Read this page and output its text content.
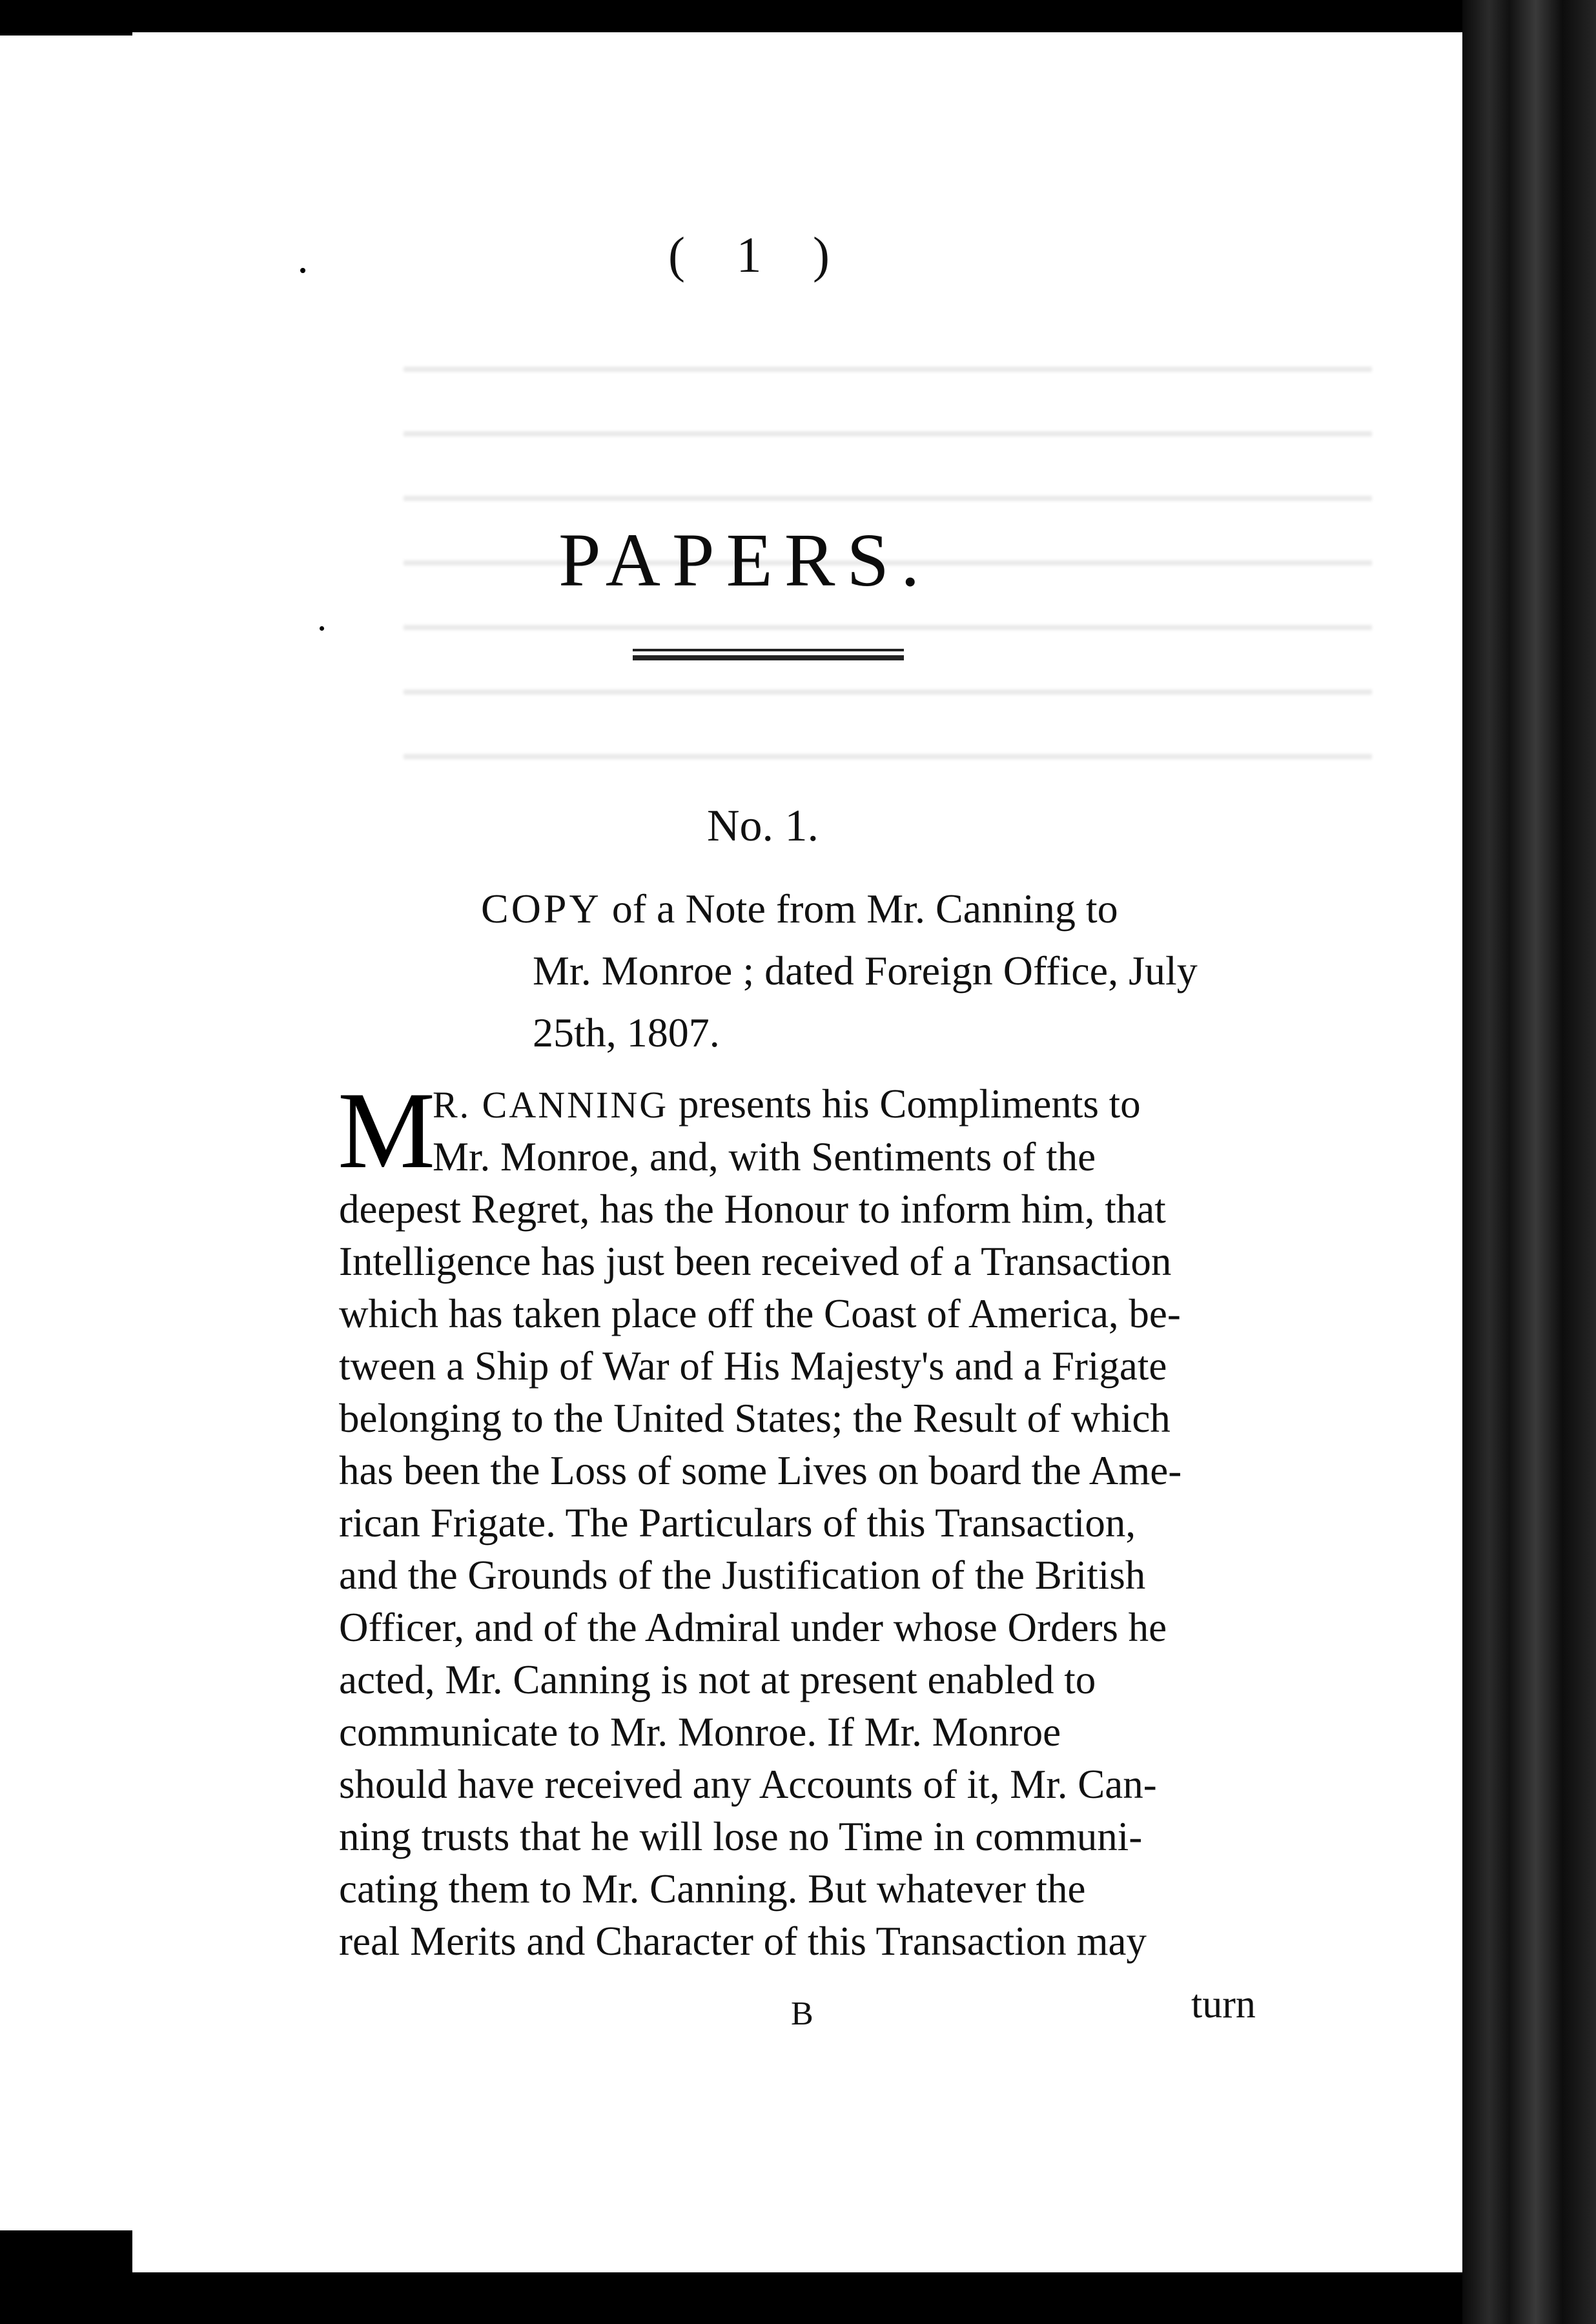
( 1 )
PAPERS.
No. 1.
COPY of a Note from Mr. Canning to
Mr. Monroe ; dated Foreign Office, July
25th, 1807.
M
R. CANNING presents his Compliments to
Mr. Monroe, and, with Sentiments of the
deepest Regret, has the Honour to inform him, that
Intelligence has just been received of a Transaction
which has taken place off the Coast of America, be-
tween a Ship of War of His Majesty's and a Frigate
belonging to the United States; the Result of which
has been the Loss of some Lives on board the Ame-
rican Frigate. The Particulars of this Transaction,
and the Grounds of the Justification of the British
Officer, and of the Admiral under whose Orders he
acted, Mr. Canning is not at present enabled to
communicate to Mr. Monroe. If Mr. Monroe
should have received any Accounts of it, Mr. Can-
ning trusts that he will lose no Time in communi-
cating them to Mr. Canning. But whatever the
real Merits and Character of this Transaction may
B	turn
